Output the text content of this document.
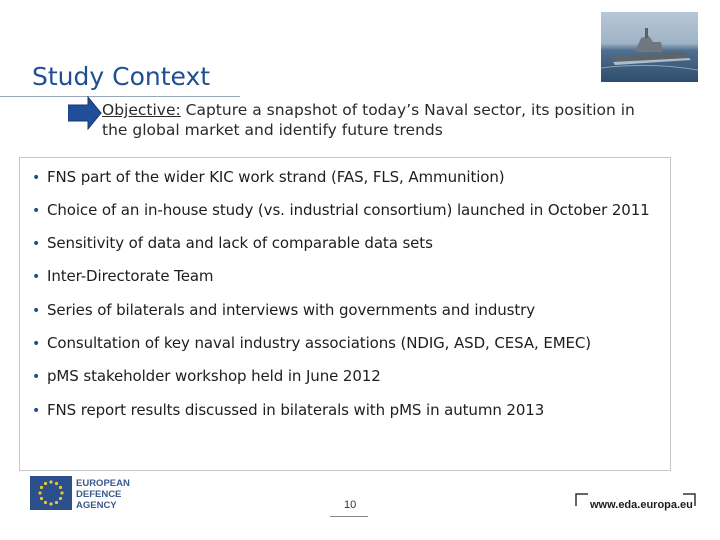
Study Context
Objective: Capture a snapshot of today’s Naval sector, its position in the global market and identify future trends
• FNS part of the wider KIC work strand (FAS, FLS, Ammunition)
• Choice of an in-house study (vs. industrial consortium) launched in October 2011
• Sensitivity of data and lack of comparable data sets
• Inter-Directorate Team
• Series of bilaterals and interviews with governments and industry
• Consultation of key naval industry associations (NDIG, ASD, CESA, EMEC)
• pMS stakeholder workshop held in June 2012
• FNS report results discussed in bilaterals with pMS in autumn 2013
EUROPEAN
DEFENCE
AGENCY	10	www.eda.europa.eu
